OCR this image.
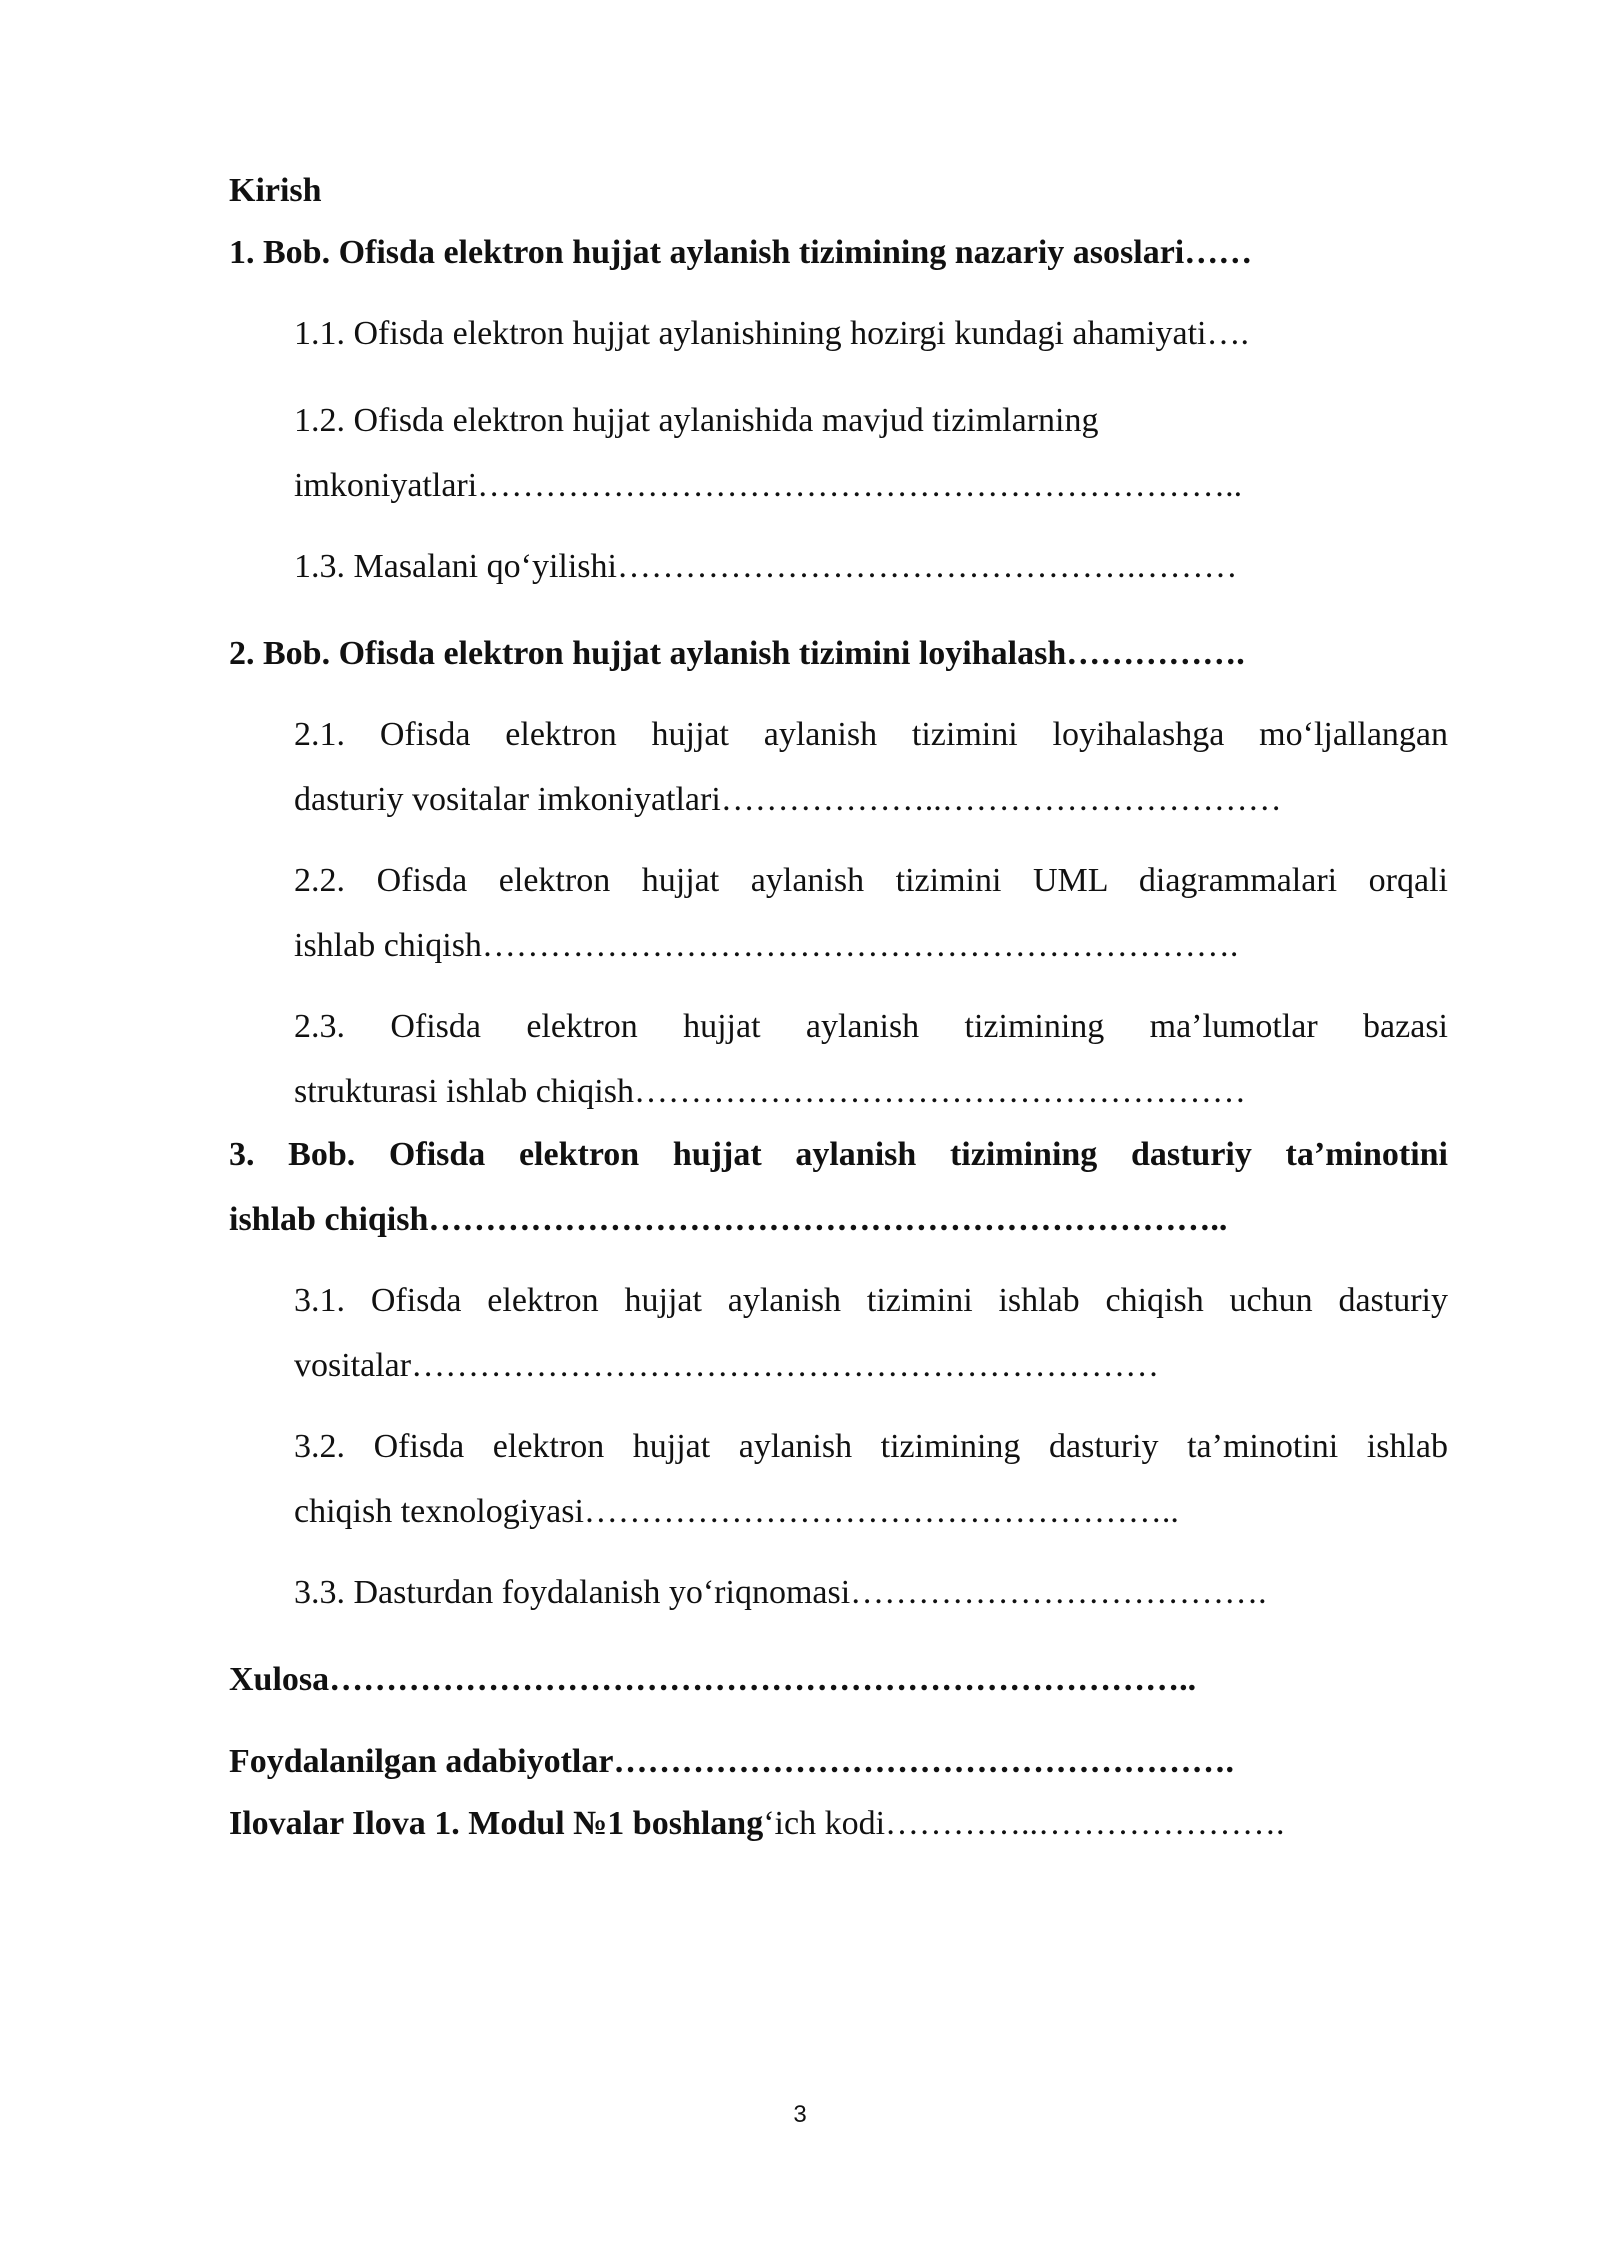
Kirish
1. Bob. Ofisda elektron hujjat aylanish tizimining nazariy asoslari……
1.1. Ofisda elektron hujjat aylanishining hozirgi kundagi ahamiyati….
1.2. Ofisda elektron hujjat aylanishida mavjud tizimlarning
imkoniyatlari…………………………………………………………..
1.3. Masalani qo‘yilishi……………………………………….………
2. Bob. Ofisda elektron hujjat aylanish tizimini loyihalash…………….
2.1. Ofisda elektron hujjat aylanish tizimini loyihalashga mo‘ljallangan
dasturiy vositalar imkoniyatlari………………..…………………………
2.2. Ofisda elektron hujjat aylanish tizimini UML diagrammalari orqali
ishlab chiqish………………………………………………………….
2.3. Ofisda elektron hujjat aylanish tizimining ma’lumotlar bazasi
strukturasi ishlab chiqish………………………………………………
3. Bob. Ofisda elektron hujjat aylanish tizimining dasturiy ta’minotini
ishlab chiqish……………………………………………………………..
3.1. Ofisda elektron hujjat aylanish tizimini ishlab chiqish uchun dasturiy
vositalar…………………………………………………………
3.2. Ofisda elektron hujjat aylanish tizimining dasturiy ta’minotini ishlab
chiqish texnologiyasi……………………………………………..
3.3. Dasturdan foydalanish yo‘riqnomasi……………………………….
Xulosa…………………………………………………………………..
Foydalanilgan adabiyotlar……………………………………………….
Ilovalar Ilova 1. Modul №1 boshlang‘ich kodi…………..………………….
3
